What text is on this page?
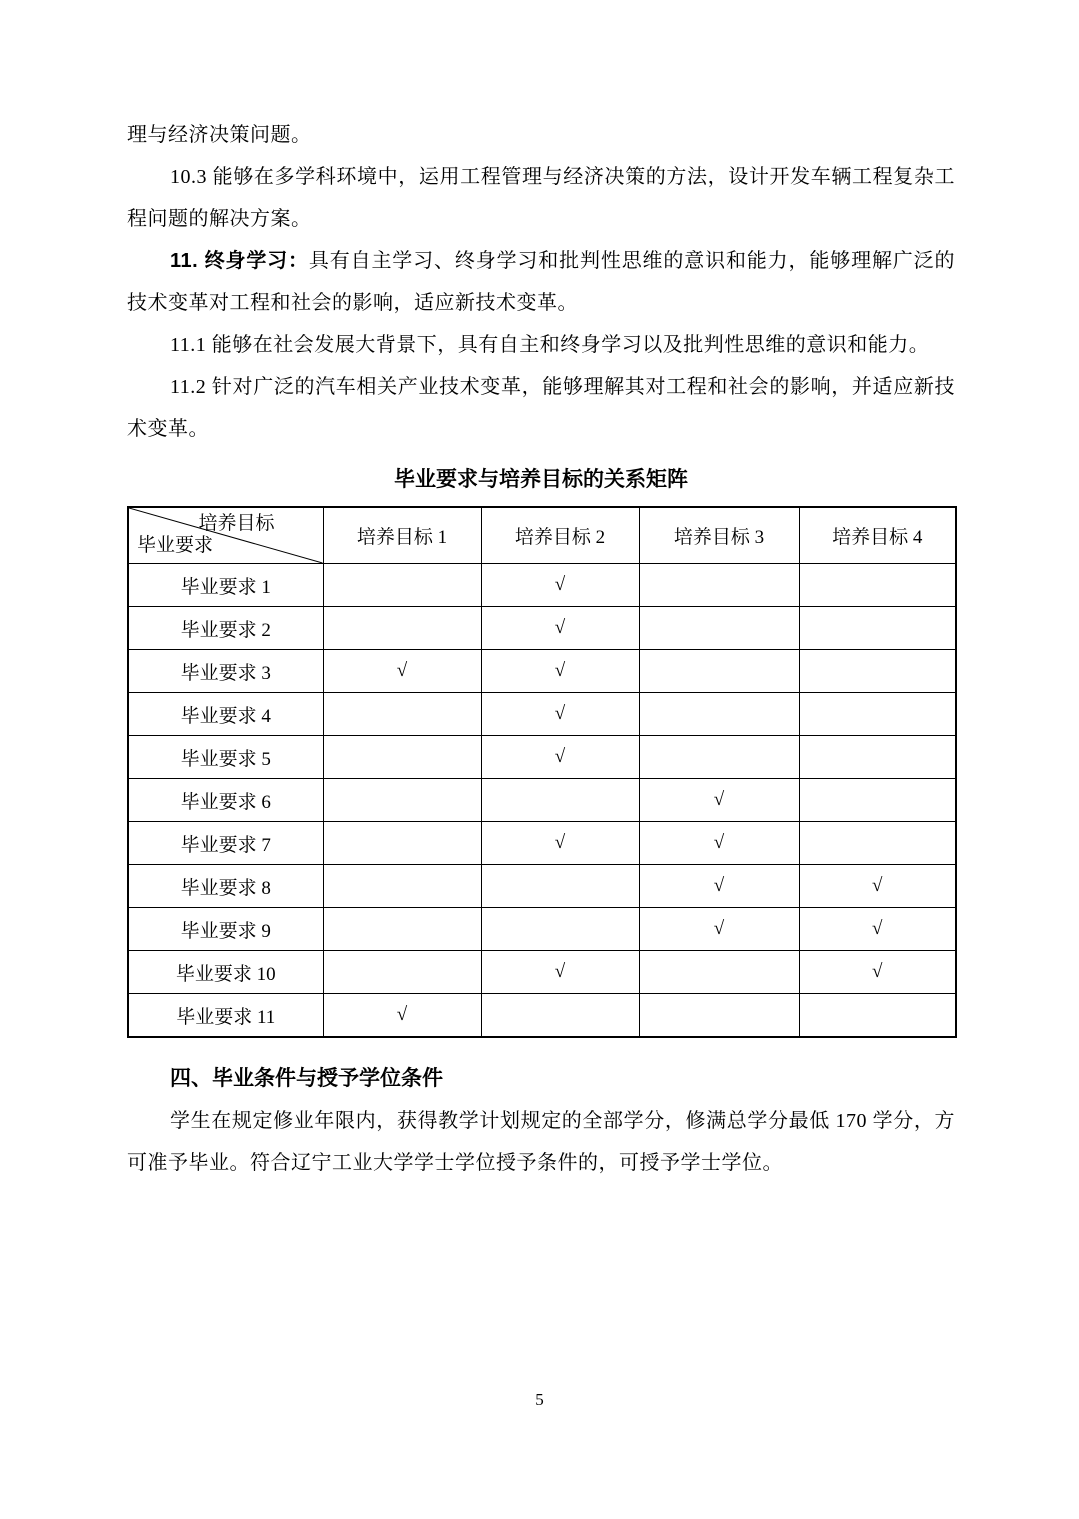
理与经济决策问题。

10.3 能够在多学科环境中，运用工程管理与经济决策的方法，设计开发车辆工程复杂工程问题的解决方案。

11. 终身学习：具有自主学习、终身学习和批判性思维的意识和能力，能够理解广泛的技术变革对工程和社会的影响，适应新技术变革。

11.1 能够在社会发展大背景下，具有自主和终身学习以及批判性思维的意识和能力。

11.2 针对广泛的汽车相关产业技术变革，能够理解其对工程和社会的影响，并适应新技术变革。

毕业要求与培养目标的关系矩阵
培养目标
毕业要求	培养目标 1	培养目标 2	培养目标 3	培养目标 4
毕业要求 1		√		
毕业要求 2		√		
毕业要求 3	√	√		
毕业要求 4		√		
毕业要求 5		√		
毕业要求 6			√	
毕业要求 7		√	√	
毕业要求 8			√	√
毕业要求 9			√	√
毕业要求 10		√		√
毕业要求 11	√			
四、毕业条件与授予学位条件

学生在规定修业年限内，获得教学计划规定的全部学分，修满总学分最低 170 学分，方可准予毕业。符合辽宁工业大学学士学位授予条件的，可授予学士学位。

5
